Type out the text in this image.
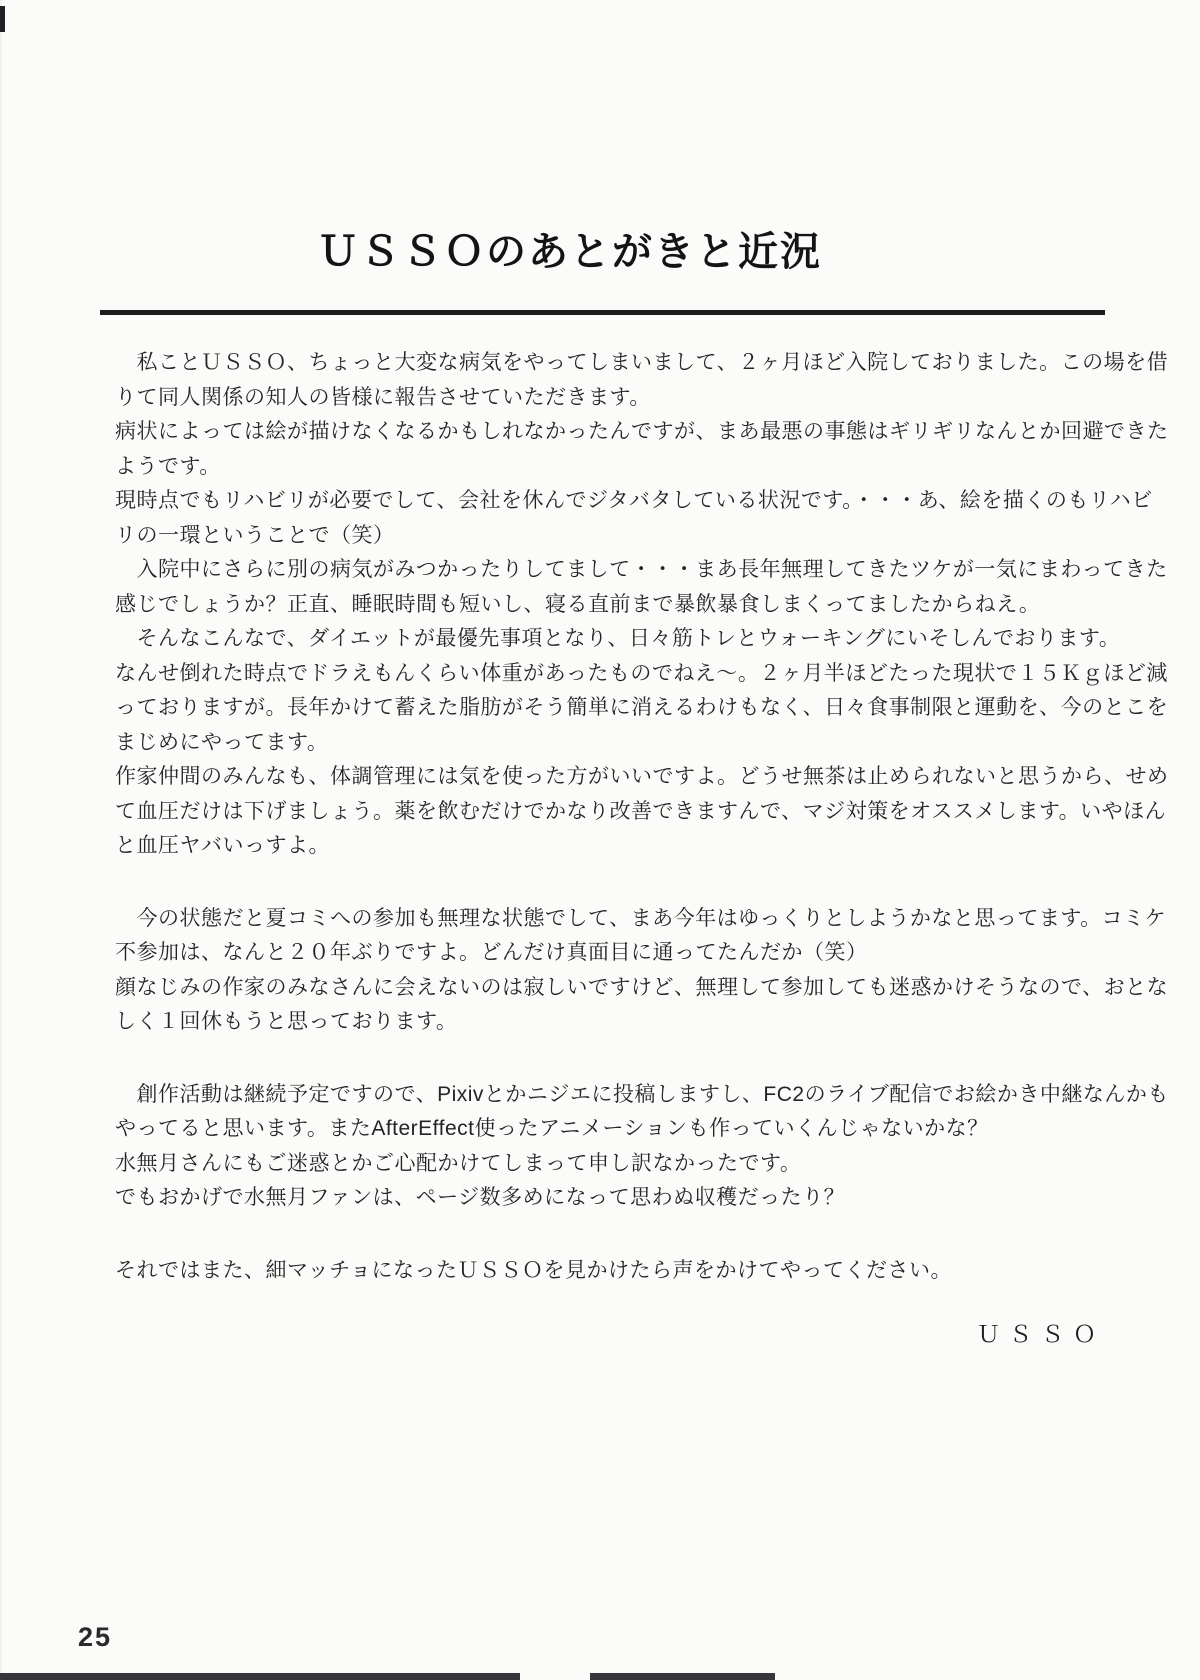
ＵＳＳＯのあとがきと近況
　私ことＵＳＳＯ、ちょっと大変な病気をやってしまいまして、２ヶ月ほど入院しておりました。この場を借
りて同人関係の知人の皆様に報告させていただきます。
病状によっては絵が描けなくなるかもしれなかったんですが、まあ最悪の事態はギリギリなんとか回避できた
ようです。
現時点でもリハビリが必要でして、会社を休んでジタバタしている状況です。・・・あ、絵を描くのもリハビ
リの一環ということで（笑）
　入院中にさらに別の病気がみつかったりしてまして・・・まあ長年無理してきたツケが一気にまわってきた
感じでしょうか？正直、睡眠時間も短いし、寝る直前まで暴飲暴食しまくってましたからねえ。
　そんなこんなで、ダイエットが最優先事項となり、日々筋トレとウォーキングにいそしんでおります。
なんせ倒れた時点でドラえもんくらい体重があったものでねえ～。２ヶ月半ほどたった現状で１５Ｋｇほど減
っておりますが。長年かけて蓄えた脂肪がそう簡単に消えるわけもなく、日々食事制限と運動を、今のとこを
まじめにやってます。
作家仲間のみんなも、体調管理には気を使った方がいいですよ。どうせ無茶は止められないと思うから、せめ
て血圧だけは下げましょう。薬を飲むだけでかなり改善できますんで、マジ対策をオススメします。いやほん
と血圧ヤバいっすよ。
　今の状態だと夏コミへの参加も無理な状態でして、まあ今年はゆっくりとしようかなと思ってます。コミケ
不参加は、なんと２０年ぶりですよ。どんだけ真面目に通ってたんだか（笑）
顔なじみの作家のみなさんに会えないのは寂しいですけど、無理して参加しても迷惑かけそうなので、おとな
しく１回休もうと思っております。
　創作活動は継続予定ですので、Pixivとかニジエに投稿しますし、FC2のライブ配信でお絵かき中継なんかも
やってると思います。またAfterEffect使ったアニメーションも作っていくんじゃないかな？
水無月さんにもご迷惑とかご心配かけてしまって申し訳なかったです。
でもおかげで水無月ファンは、ページ数多めになって思わぬ収穫だったり？
それではまた、細マッチョになったＵＳＳＯを見かけたら声をかけてやってください。
ＵＳＳＯ
25
